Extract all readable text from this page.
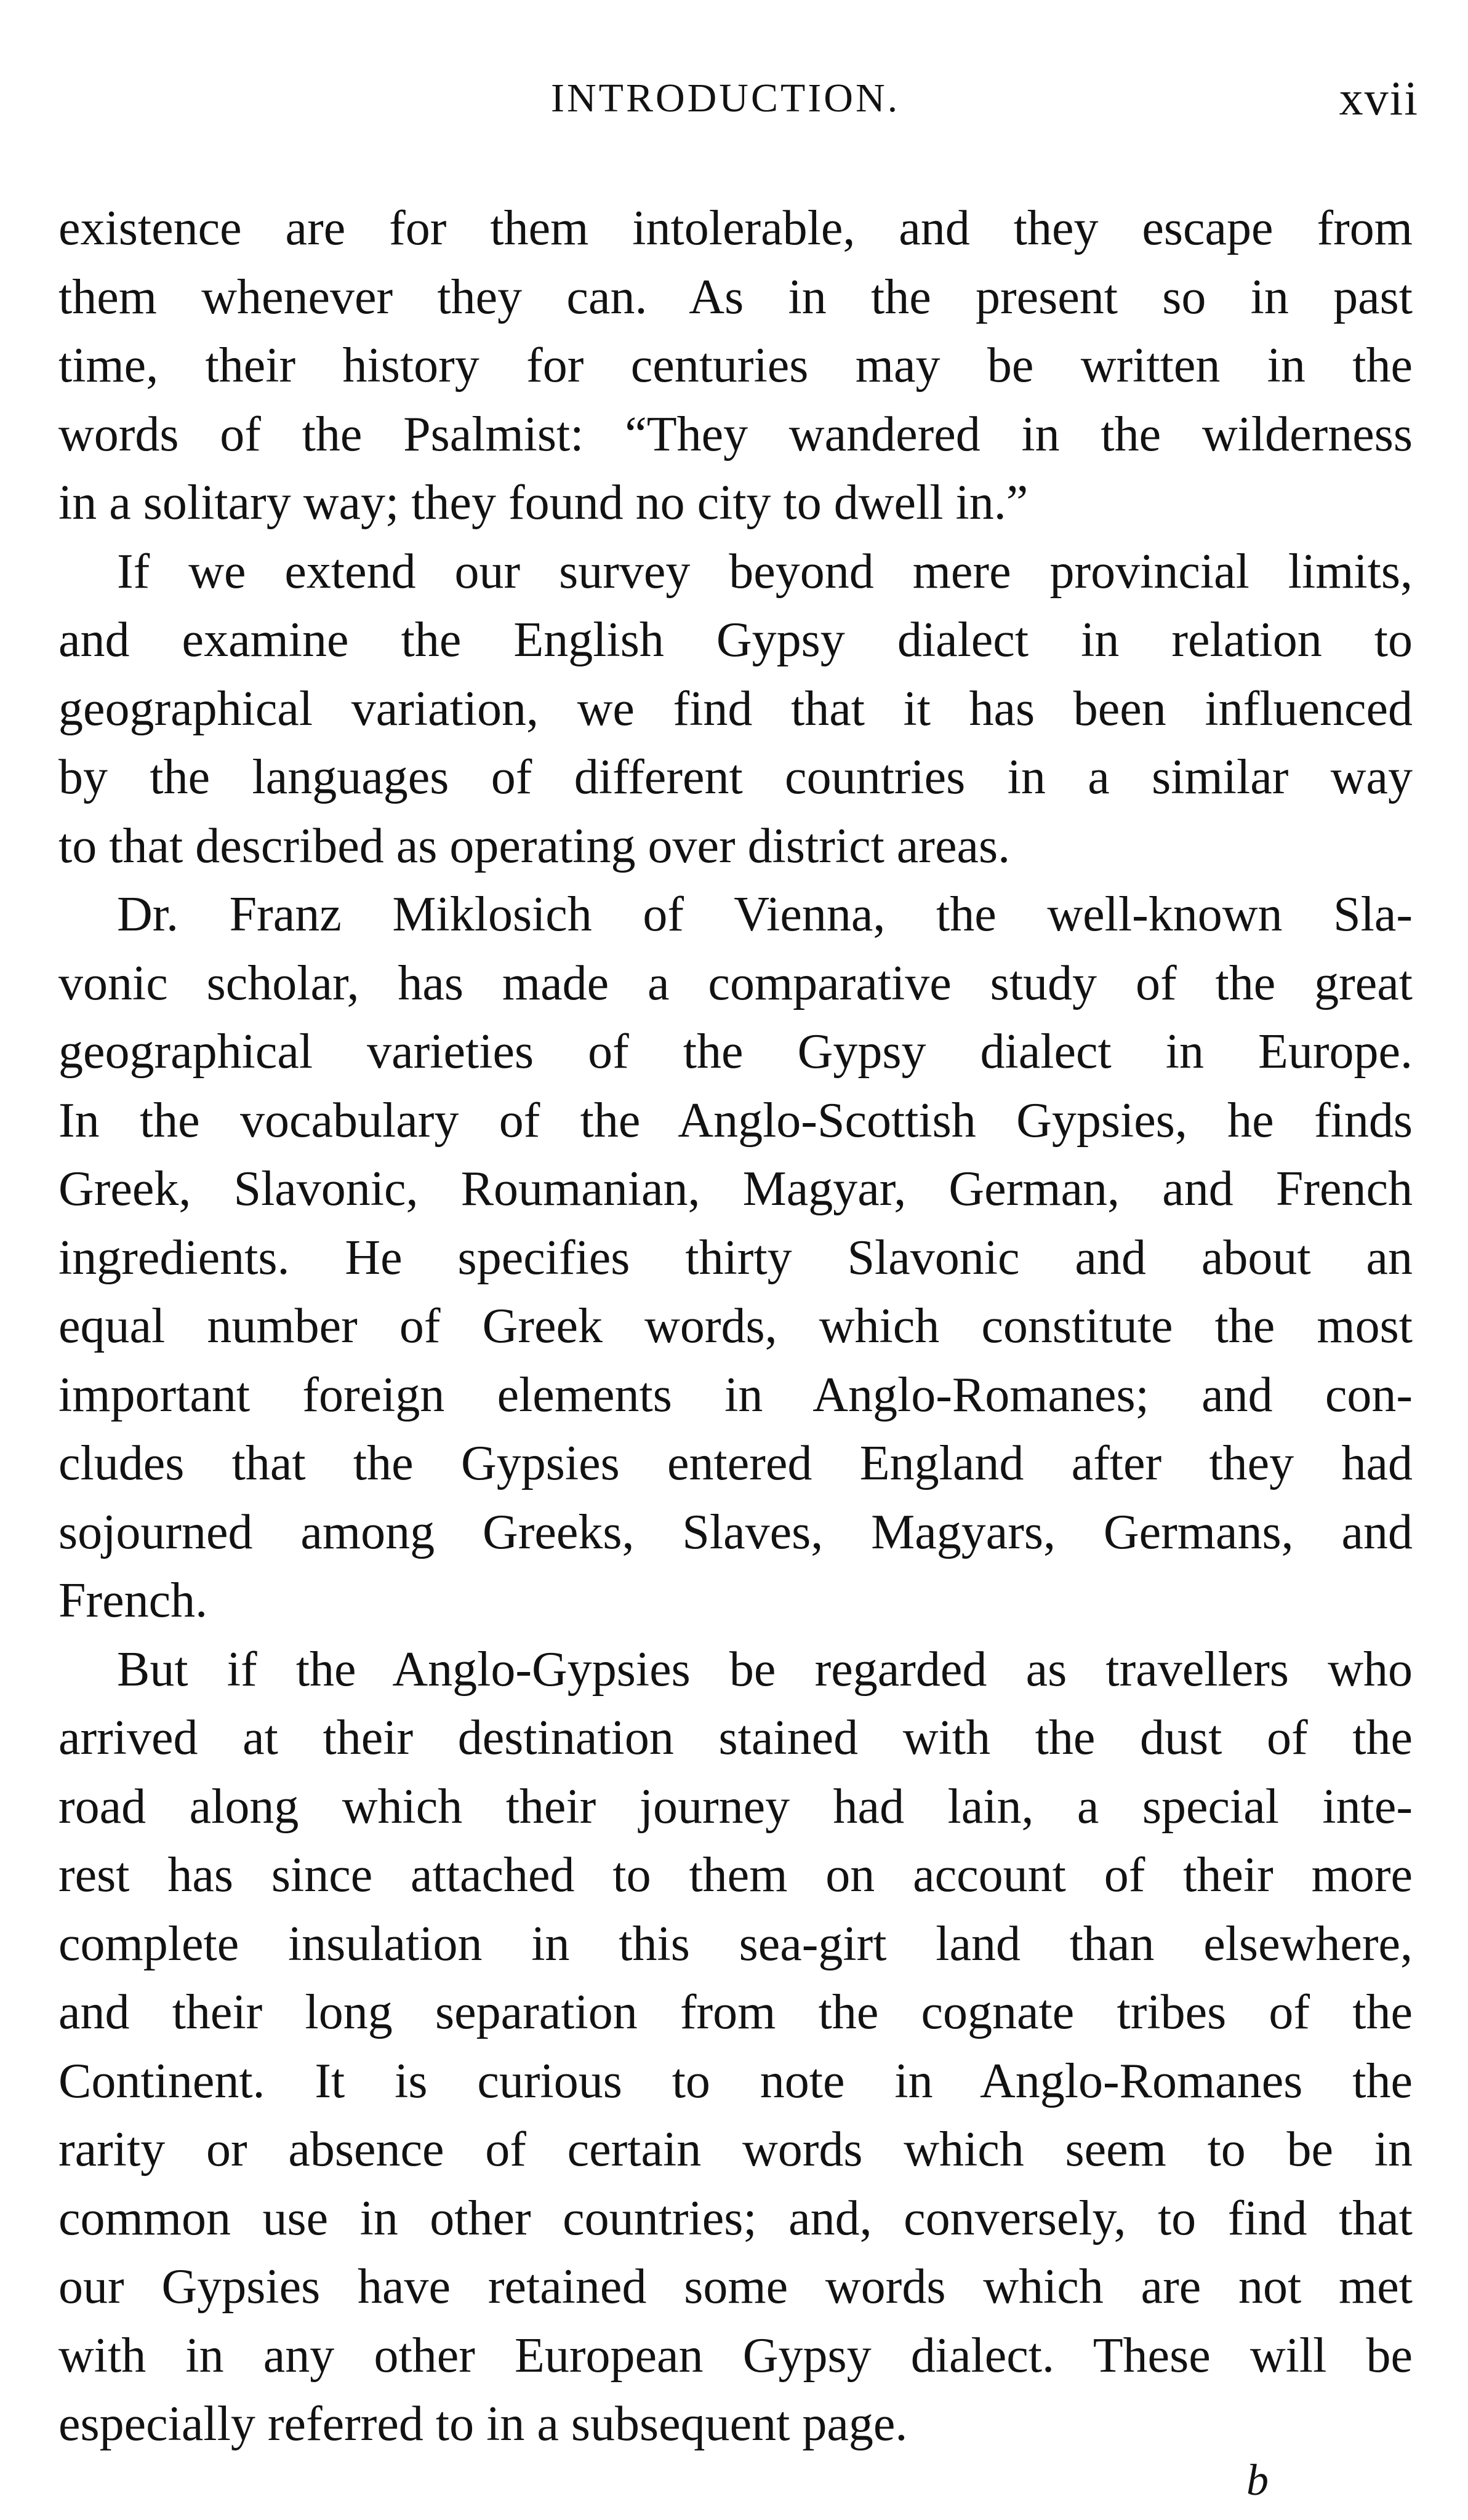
INTRODUCTION.	xvii

existence are for them intolerable, and they escape from
them whenever they can. As in the present so in past
time, their history for centuries may be written in the
words of the Psalmist: “They wandered in the wilderness
in a solitary way; they found no city to dwell in.”

If we extend our survey beyond mere provincial limits,
and examine the English Gypsy dialect in relation to
geographical variation, we find that it has been influenced
by the languages of different countries in a similar way
to that described as operating over district areas.

Dr. Franz Miklosich of Vienna, the well-known Sla-
vonic scholar, has made a comparative study of the great
geographical varieties of the Gypsy dialect in Europe.
In the vocabulary of the Anglo-Scottish Gypsies, he finds
Greek, Slavonic, Roumanian, Magyar, German, and French
ingredients. He specifies thirty Slavonic and about an
equal number of Greek words, which constitute the most
important foreign elements in Anglo-Romanes; and con-
cludes that the Gypsies entered England after they had
sojourned among Greeks, Slaves, Magyars, Germans, and
French.

But if the Anglo-Gypsies be regarded as travellers who
arrived at their destination stained with the dust of the
road along which their journey had lain, a special inte-
rest has since attached to them on account of their more
complete insulation in this sea-girt land than elsewhere,
and their long separation from the cognate tribes of the
Continent. It is curious to note in Anglo-Romanes the
rarity or absence of certain words which seem to be in
common use in other countries; and, conversely, to find that
our Gypsies have retained some words which are not met
with in any other European Gypsy dialect. These will be
especially referred to in a subsequent page.

b
